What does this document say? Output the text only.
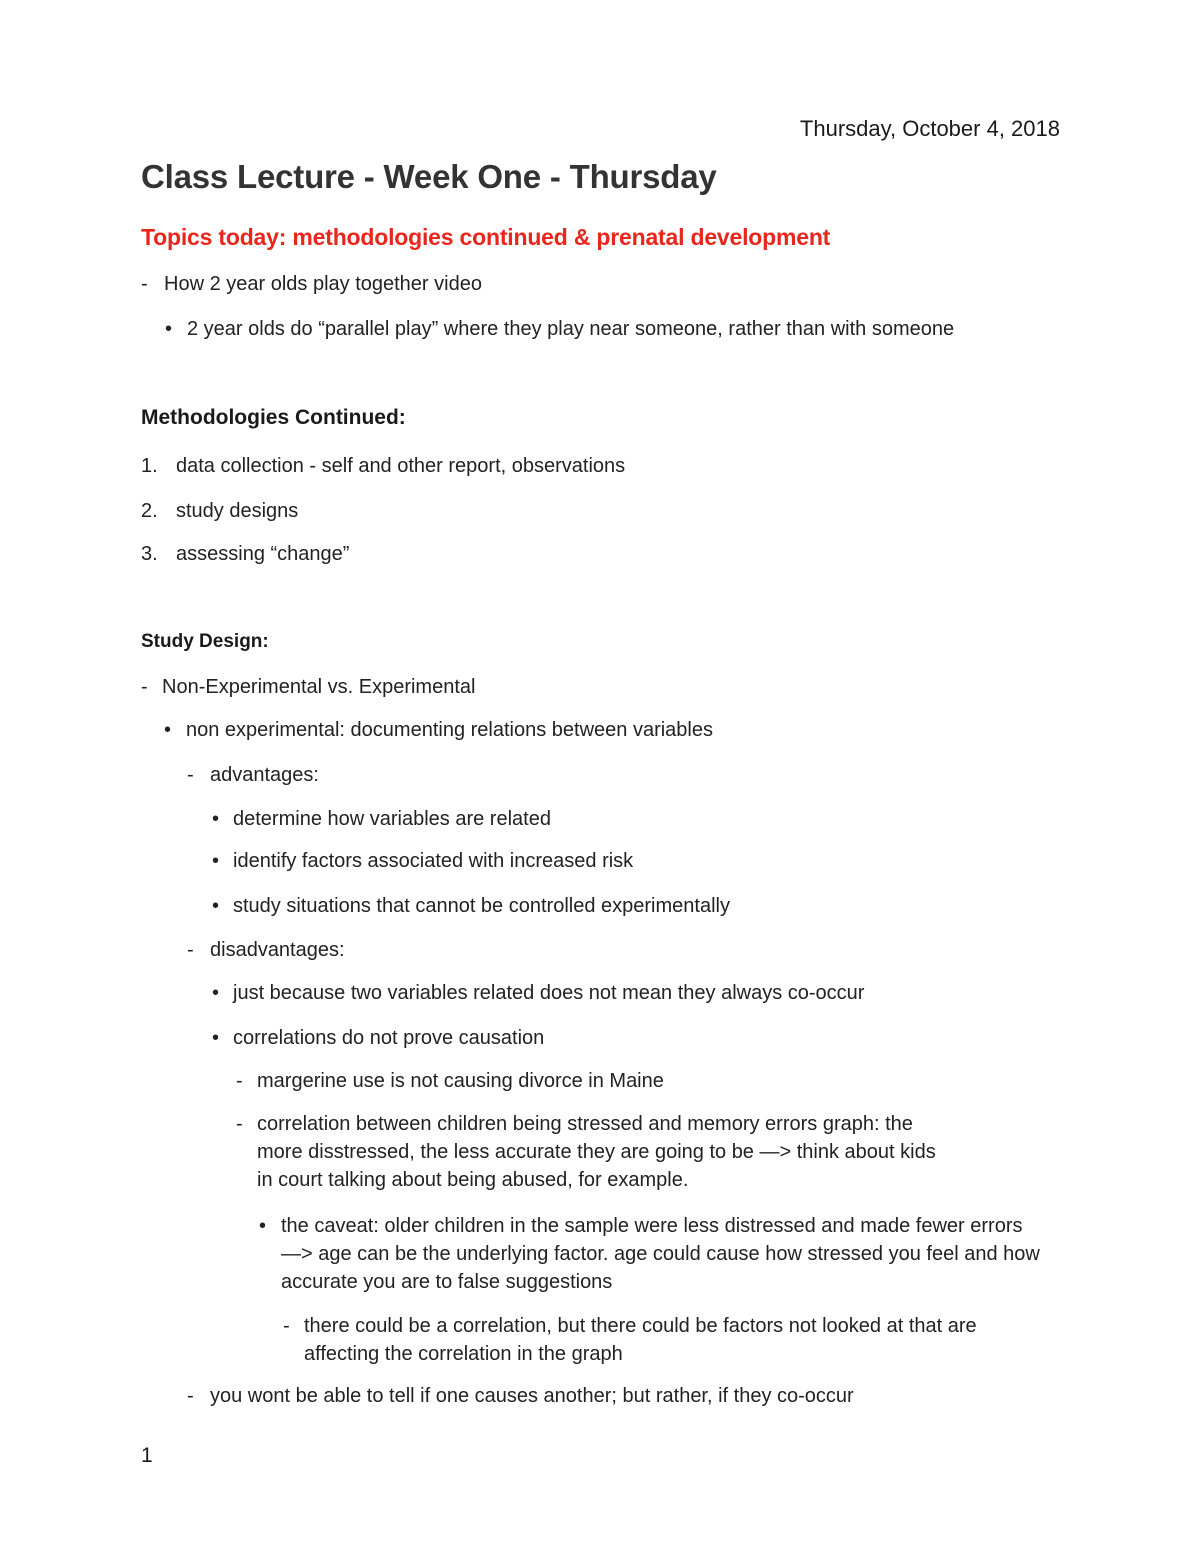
Thursday, October 4, 2018
Class Lecture - Week One - Thursday
Topics today: methodologies continued & prenatal development
- How 2 year olds play together video
• 2 year olds do “parallel play” where they play near someone, rather than with someone
Methodologies Continued:
1. data collection - self and other report, observations
2. study designs
3. assessing “change”
Study Design:
- Non-Experimental vs. Experimental
• non experimental: documenting relations between variables
- advantages:
• determine how variables are related
• identify factors associated with increased risk
• study situations that cannot be controlled experimentally
- disadvantages:
• just because two variables related does not mean they always co-occur
• correlations do not prove causation
- margerine use is not causing divorce in Maine
- correlation between children being stressed and memory errors graph: the more disstressed, the less accurate they are going to be —> think about kids in court talking about being abused, for example.
• the caveat: older children in the sample were less distressed and made fewer errors —> age can be the underlying factor. age could cause how stressed you feel and how accurate you are to false suggestions
- there could be a correlation, but there could be factors not looked at that are affecting the correlation in the graph
- you wont be able to tell if one causes another; but rather, if they co-occur
1
